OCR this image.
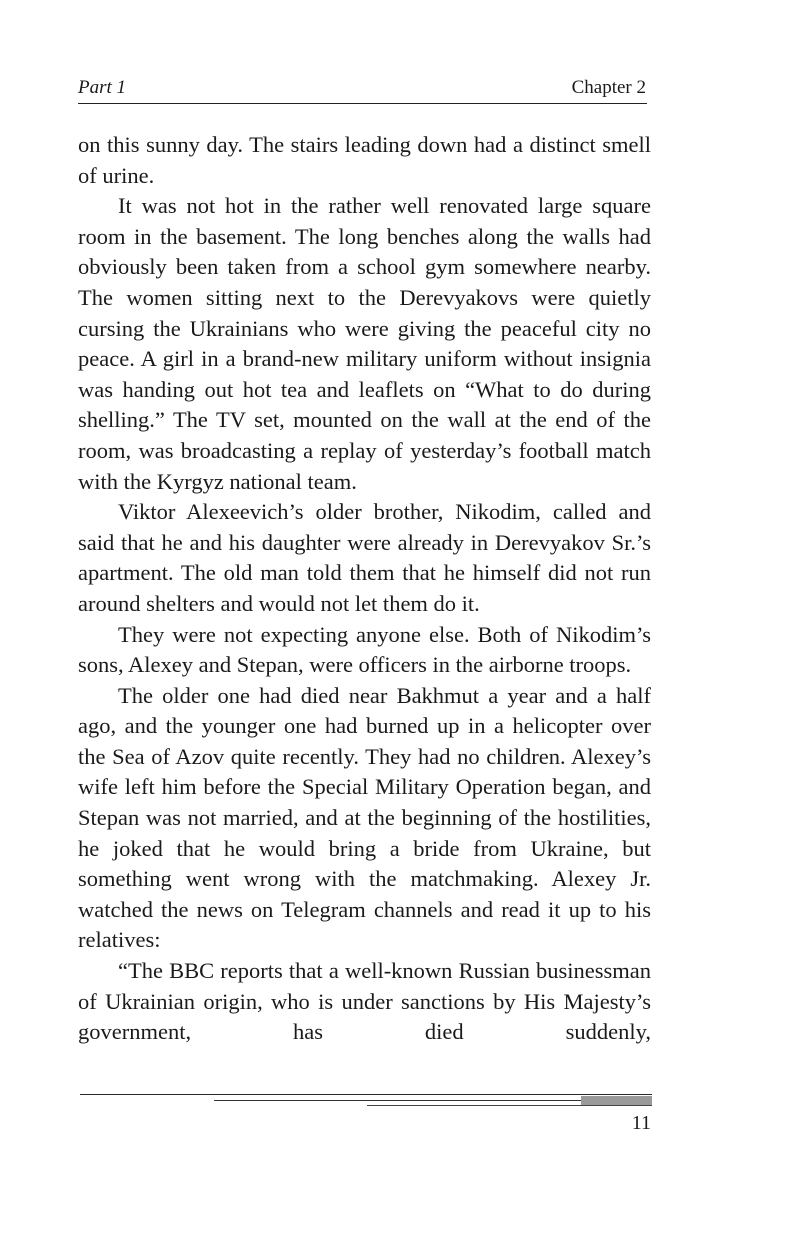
Part 1	Chapter 2

on this sunny day. The stairs leading down had a distinct smell of urine.

It was not hot in the rather well renovated large square room in the basement. The long benches along the walls had obviously been taken from a school gym somewhere nearby. The women sitting next to the Derevyakovs were quietly cursing the Ukrainians who were giving the peaceful city no peace. A girl in a brand-new military uniform without insignia was handing out hot tea and leaflets on “What to do during shelling.” The TV set, mounted on the wall at the end of the room, was broadcasting a replay of yesterday’s football match with the Kyrgyz national team.

Viktor Alexeevich’s older brother, Nikodim, called and said that he and his daughter were already in Derevyakov Sr.’s apartment. The old man told them that he himself did not run around shelters and would not let them do it.

They were not expecting anyone else. Both of Nikodim’s sons, Alexey and Stepan, were officers in the airborne troops.

The older one had died near Bakhmut a year and a half ago, and the younger one had burned up in a helicopter over the Sea of Azov quite recently. They had no children. Alexey’s wife left him before the Special Military Operation began, and Stepan was not married, and at the beginning of the hostilities, he joked that he would bring a bride from Ukraine, but something went wrong with the matchmaking. Alexey Jr. watched the news on Telegram channels and read it up to his relatives:

“The BBC reports that a well-known Russian businessman of Ukrainian origin, who is under sanctions by His Majesty’s government, has died suddenly,

11
